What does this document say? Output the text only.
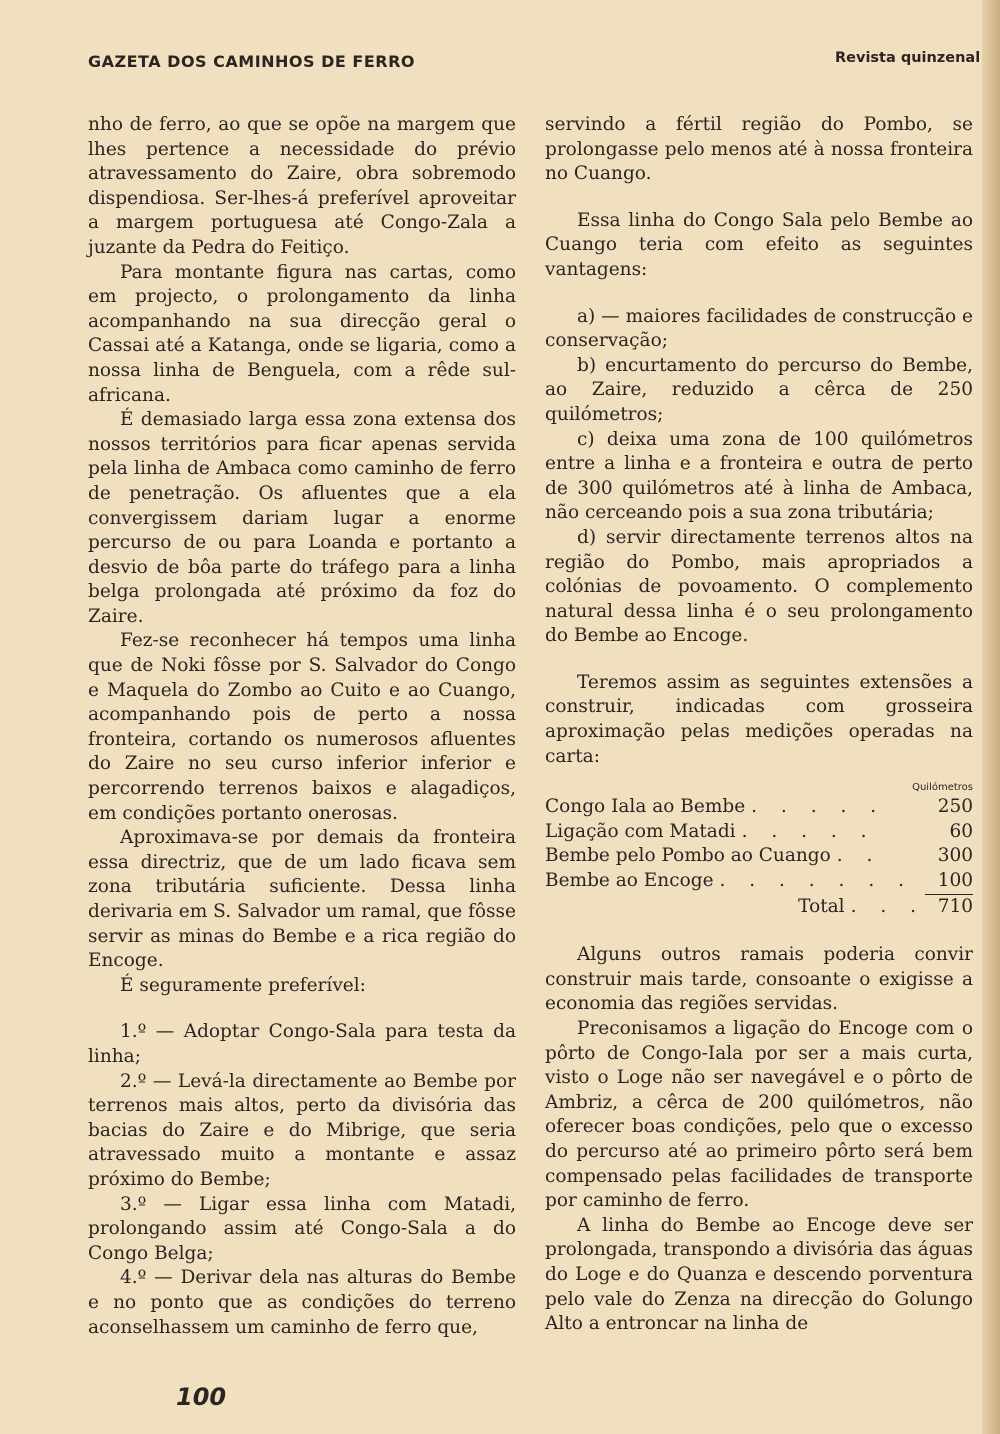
GAZETA DOS CAMINHOS DE FERRO	Revista quinzenal

nho de ferro, ao que se opõe na margem que lhes pertence a necessidade do prévio atravessamento do Zaire, obra sobremodo dispendiosa. Ser-lhes-á preferível aproveitar a margem portuguesa até Congo-Zala a juzante da Pedra do Feitiço.

Para montante figura nas cartas, como em projecto, o prolongamento da linha acompanhando na sua direcção geral o Cassai até a Katanga, onde se ligaria, como a nossa linha de Benguela, com a rêde sul-africana.

É demasiado larga essa zona extensa dos nossos territórios para ficar apenas servida pela linha de Ambaca como caminho de ferro de penetração. Os afluentes que a ela convergissem dariam lugar a enorme percurso de ou para Loanda e portanto a desvio de bôa parte do tráfego para a linha belga prolongada até próximo da foz do Zaire.

Fez-se reconhecer há tempos uma linha que de Noki fôsse por S. Salvador do Congo e Maquela do Zombo ao Cuito e ao Cuango, acompanhando pois de perto a nossa fronteira, cortando os numerosos afluentes do Zaire no seu curso inferior inferior e percorrendo terrenos baixos e alagadiços, em condições portanto onerosas.

Aproximava-se por demais da fronteira essa directriz, que de um lado ficava sem zona tributária suficiente. Dessa linha derivaria em S. Salvador um ramal, que fôsse servir as minas do Bembe e a rica região do Encoge.

É seguramente preferível:

1.º — Adoptar Congo-Sala para testa da linha;

2.º — Levá-la directamente ao Bembe por terrenos mais altos, perto da divisória das bacias do Zaire e do Mibrige, que seria atravessado muito a montante e assaz próximo do Bembe;

3.º — Ligar essa linha com Matadi, prolongando assim até Congo-Sala a do Congo Belga;

4.º — Derivar dela nas alturas do Bembe e no ponto que as condições do terreno aconselhassem um caminho de ferro que,

servindo a fértil região do Pombo, se prolongasse pelo menos até à nossa fronteira no Cuango.

Essa linha do Congo Sala pelo Bembe ao Cuango teria com efeito as seguintes vantagens:

a) — maiores facilidades de construcção e conservação;

b) encurtamento do percurso do Bembe, ao Zaire, reduzido a cêrca de 250 quilómetros;

c) deixa uma zona de 100 quilómetros entre a linha e a fronteira e outra de perto de 300 quilómetros até à linha de Ambaca, não cerceando pois a sua zona tributária;

d) servir directamente terrenos altos na região do Pombo, mais apropriados a colónias de povoamento. O complemento natural dessa linha é o seu prolongamento do Bembe ao Encoge.

Teremos assim as seguintes extensões a construir, indicadas com grosseira aproximação pelas medições operadas na carta:

Quilómetros
Congo Iala ao Bembe . . . . .	250
Ligação com Matadi . . . . .	60
Bembe pelo Pombo ao Cuango . .	300
Bembe ao Encoge . . . . . . .	100
Total . . . 710

Alguns outros ramais poderia convir construir mais tarde, consoante o exigisse a economia das regiões servidas.

Preconisamos a ligação do Encoge com o pôrto de Congo-Iala por ser a mais curta, visto o Loge não ser navegável e o pôrto de Ambriz, a cêrca de 200 quilómetros, não oferecer boas condições, pelo que o excesso do percurso até ao primeiro pôrto será bem compensado pelas facilidades de transporte por caminho de ferro.

A linha do Bembe ao Encoge deve ser prolongada, transpondo a divisória das águas do Loge e do Quanza e descendo porventura pelo vale do Zenza na direcção do Golungo Alto a entroncar na linha de

100
